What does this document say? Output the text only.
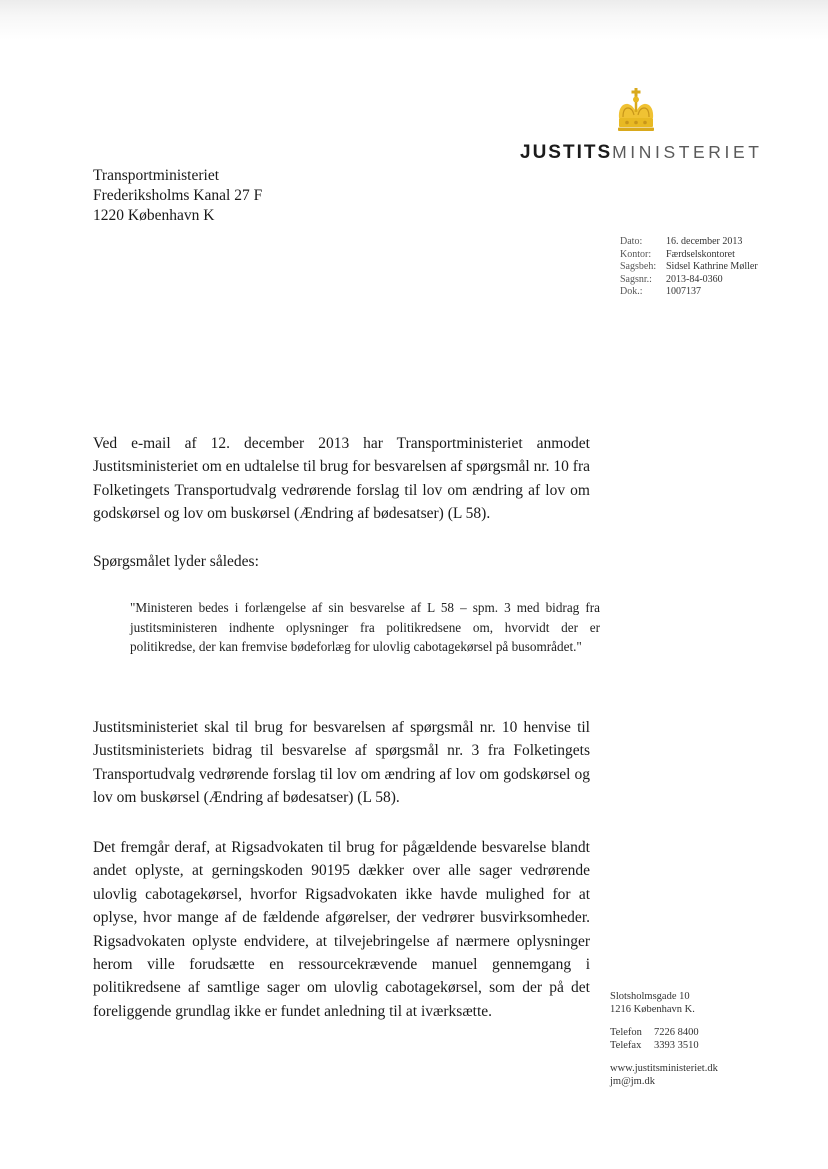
JUSTITSMINISTERIET
Transportministeriet
Frederiksholms Kanal 27 F
1220 København K
Dato:	16. december 2013
Kontor:	Færdselskontoret
Sagsbeh: Sidsel Kathrine Møller
Sagsnr.:	2013-84-0360
Dok.:	1007137

Ved e-mail af 12. december 2013 har Transportministeriet anmodet Justitsministeriet om en udtalelse til brug for besvarelsen af spørgsmål nr. 10 fra Folketingets Transportudvalg vedrørende forslag til lov om ændring af lov om godskørsel og lov om buskørsel (Ændring af bødesatser) (L 58).

Spørgsmålet lyder således:

"Ministeren bedes i forlængelse af sin besvarelse af L 58 – spm. 3 med bidrag fra justitsministeren indhente oplysninger fra politikredsene om, hvorvidt der er politikredse, der kan fremvise bødeforlæg for ulovlig cabotagekørsel på busområdet."

Justitsministeriet skal til brug for besvarelsen af spørgsmål nr. 10 henvise til Justitsministeriets bidrag til besvarelse af spørgsmål nr. 3 fra Folketingets Transportudvalg vedrørende forslag til lov om ændring af lov om godskørsel og lov om buskørsel (Ændring af bødesatser) (L 58).

Det fremgår deraf, at Rigsadvokaten til brug for pågældende besvarelse blandt andet oplyste, at gerningskoden 90195 dækker over alle sager vedrørende ulovlig cabotagekørsel, hvorfor Rigsadvokaten ikke havde mulighed for at oplyse, hvor mange af de fældende afgørelser, der vedrører busvirksomheder. Rigsadvokaten oplyste endvidere, at tilvejebringelse af nærmere oplysninger herom ville forudsætte en ressourcekrævende manuel gennemgang i politikredsene af samtlige sager om ulovlig cabotagekørsel, som der på det foreliggende grundlag ikke er fundet anledning til at iværksætte.

Slotsholmsgade 10
1216 København K.
Telefon	7226 8400
Telefax	3393 3510
www.justitsministeriet.dk
jm@jm.dk
